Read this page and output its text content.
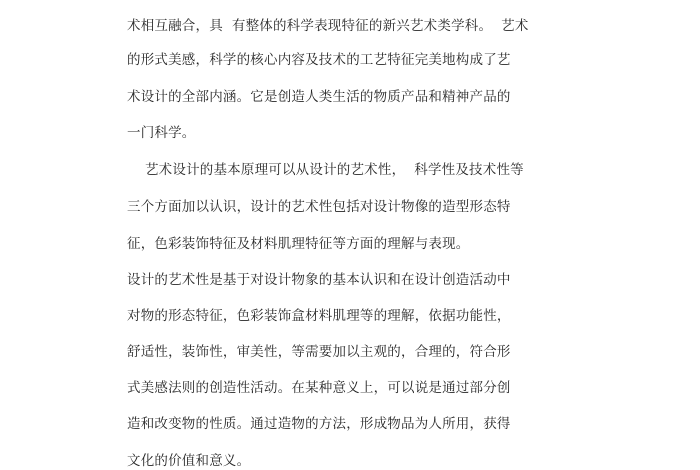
术相互融合，具  有整体的科学表现特征的新兴艺术类学科。  艺术
的形式美感，科学的核心内容及技术的工艺特征完美地构成了艺
术设计的全部内涵。它是创造人类生活的物质产品和精神产品的
一门科学。
艺术设计的基本原理可以从设计的艺术性，  科学性及技术性等
三个方面加以认识，设计的艺术性包括对设计物像的造型形态特
征，色彩装饰特征及材料肌理特征等方面的理解与表现。
设计的艺术性是基于对设计物象的基本认识和在设计创造活动中
对物的形态特征，色彩装饰盒材料肌理等的理解，依据功能性，
舒适性，装饰性，审美性，等需要加以主观的，合理的，符合形
式美感法则的创造性活动。在某种意义上，可以说是通过部分创
造和改变物的性质。通过造物的方法，形成物品为人所用，获得
文化的价值和意义。
